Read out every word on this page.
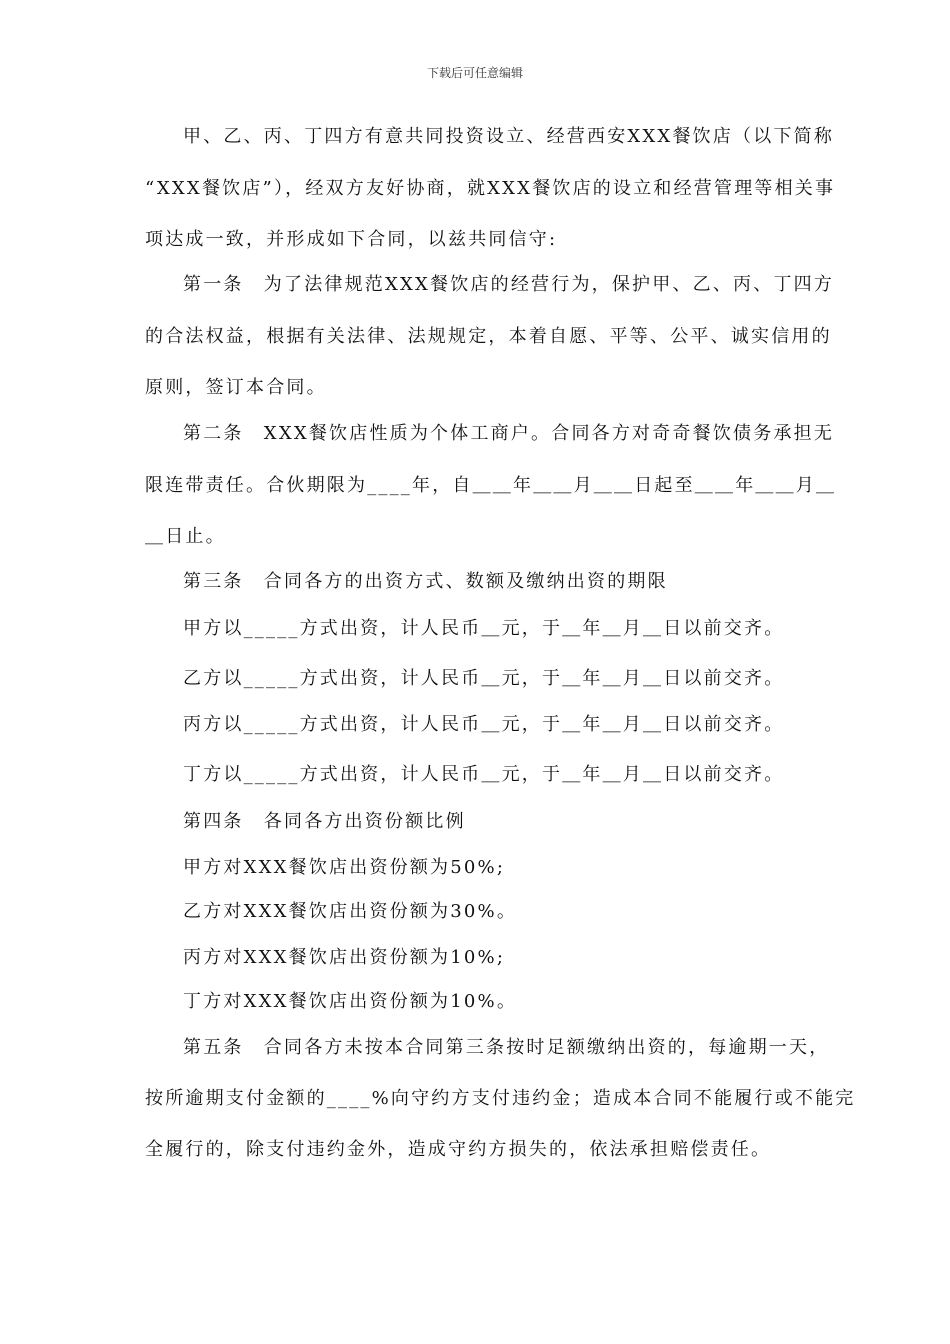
下载后可任意编辑
甲、乙、丙、丁四方有意共同投资设立、经营西安XXX餐饮店（以下简称
“XXX餐饮店”），经双方友好协商，就XXX餐饮店的设立和经营管理等相关事
项达成一致，并形成如下合同，以兹共同信守:
第一条　为了法律规范XXX餐饮店的经营行为，保护甲、乙、丙、丁四方
的合法权益，根据有关法律、法规规定，本着自愿、平等、公平、诚实信用的
原则，签订本合同。
第二条　XXX餐饮店性质为个体工商户。合同各方对奇奇餐饮债务承担无
限连带责任。合伙期限为____年，自＿＿年＿＿月＿＿日起至＿＿年＿＿月＿
＿日止。
第三条　合同各方的出资方式、数额及缴纳出资的期限
甲方以_____方式出资，计人民币＿元，于＿年＿月＿日以前交齐。
乙方以_____方式出资，计人民币＿元，于＿年＿月＿日以前交齐。
丙方以_____方式出资，计人民币＿元，于＿年＿月＿日以前交齐。
丁方以_____方式出资，计人民币＿元，于＿年＿月＿日以前交齐。
第四条　各同各方出资份额比例
甲方对XXX餐饮店出资份额为50%;
乙方对XXX餐饮店出资份额为30%。
丙方对XXX餐饮店出资份额为10%;
丁方对XXX餐饮店出资份额为10%。
第五条　合同各方未按本合同第三条按时足额缴纳出资的，每逾期一天，
按所逾期支付金额的____%向守约方支付违约金；造成本合同不能履行或不能完
全履行的，除支付违约金外，造成守约方损失的，依法承担赔偿责任。
